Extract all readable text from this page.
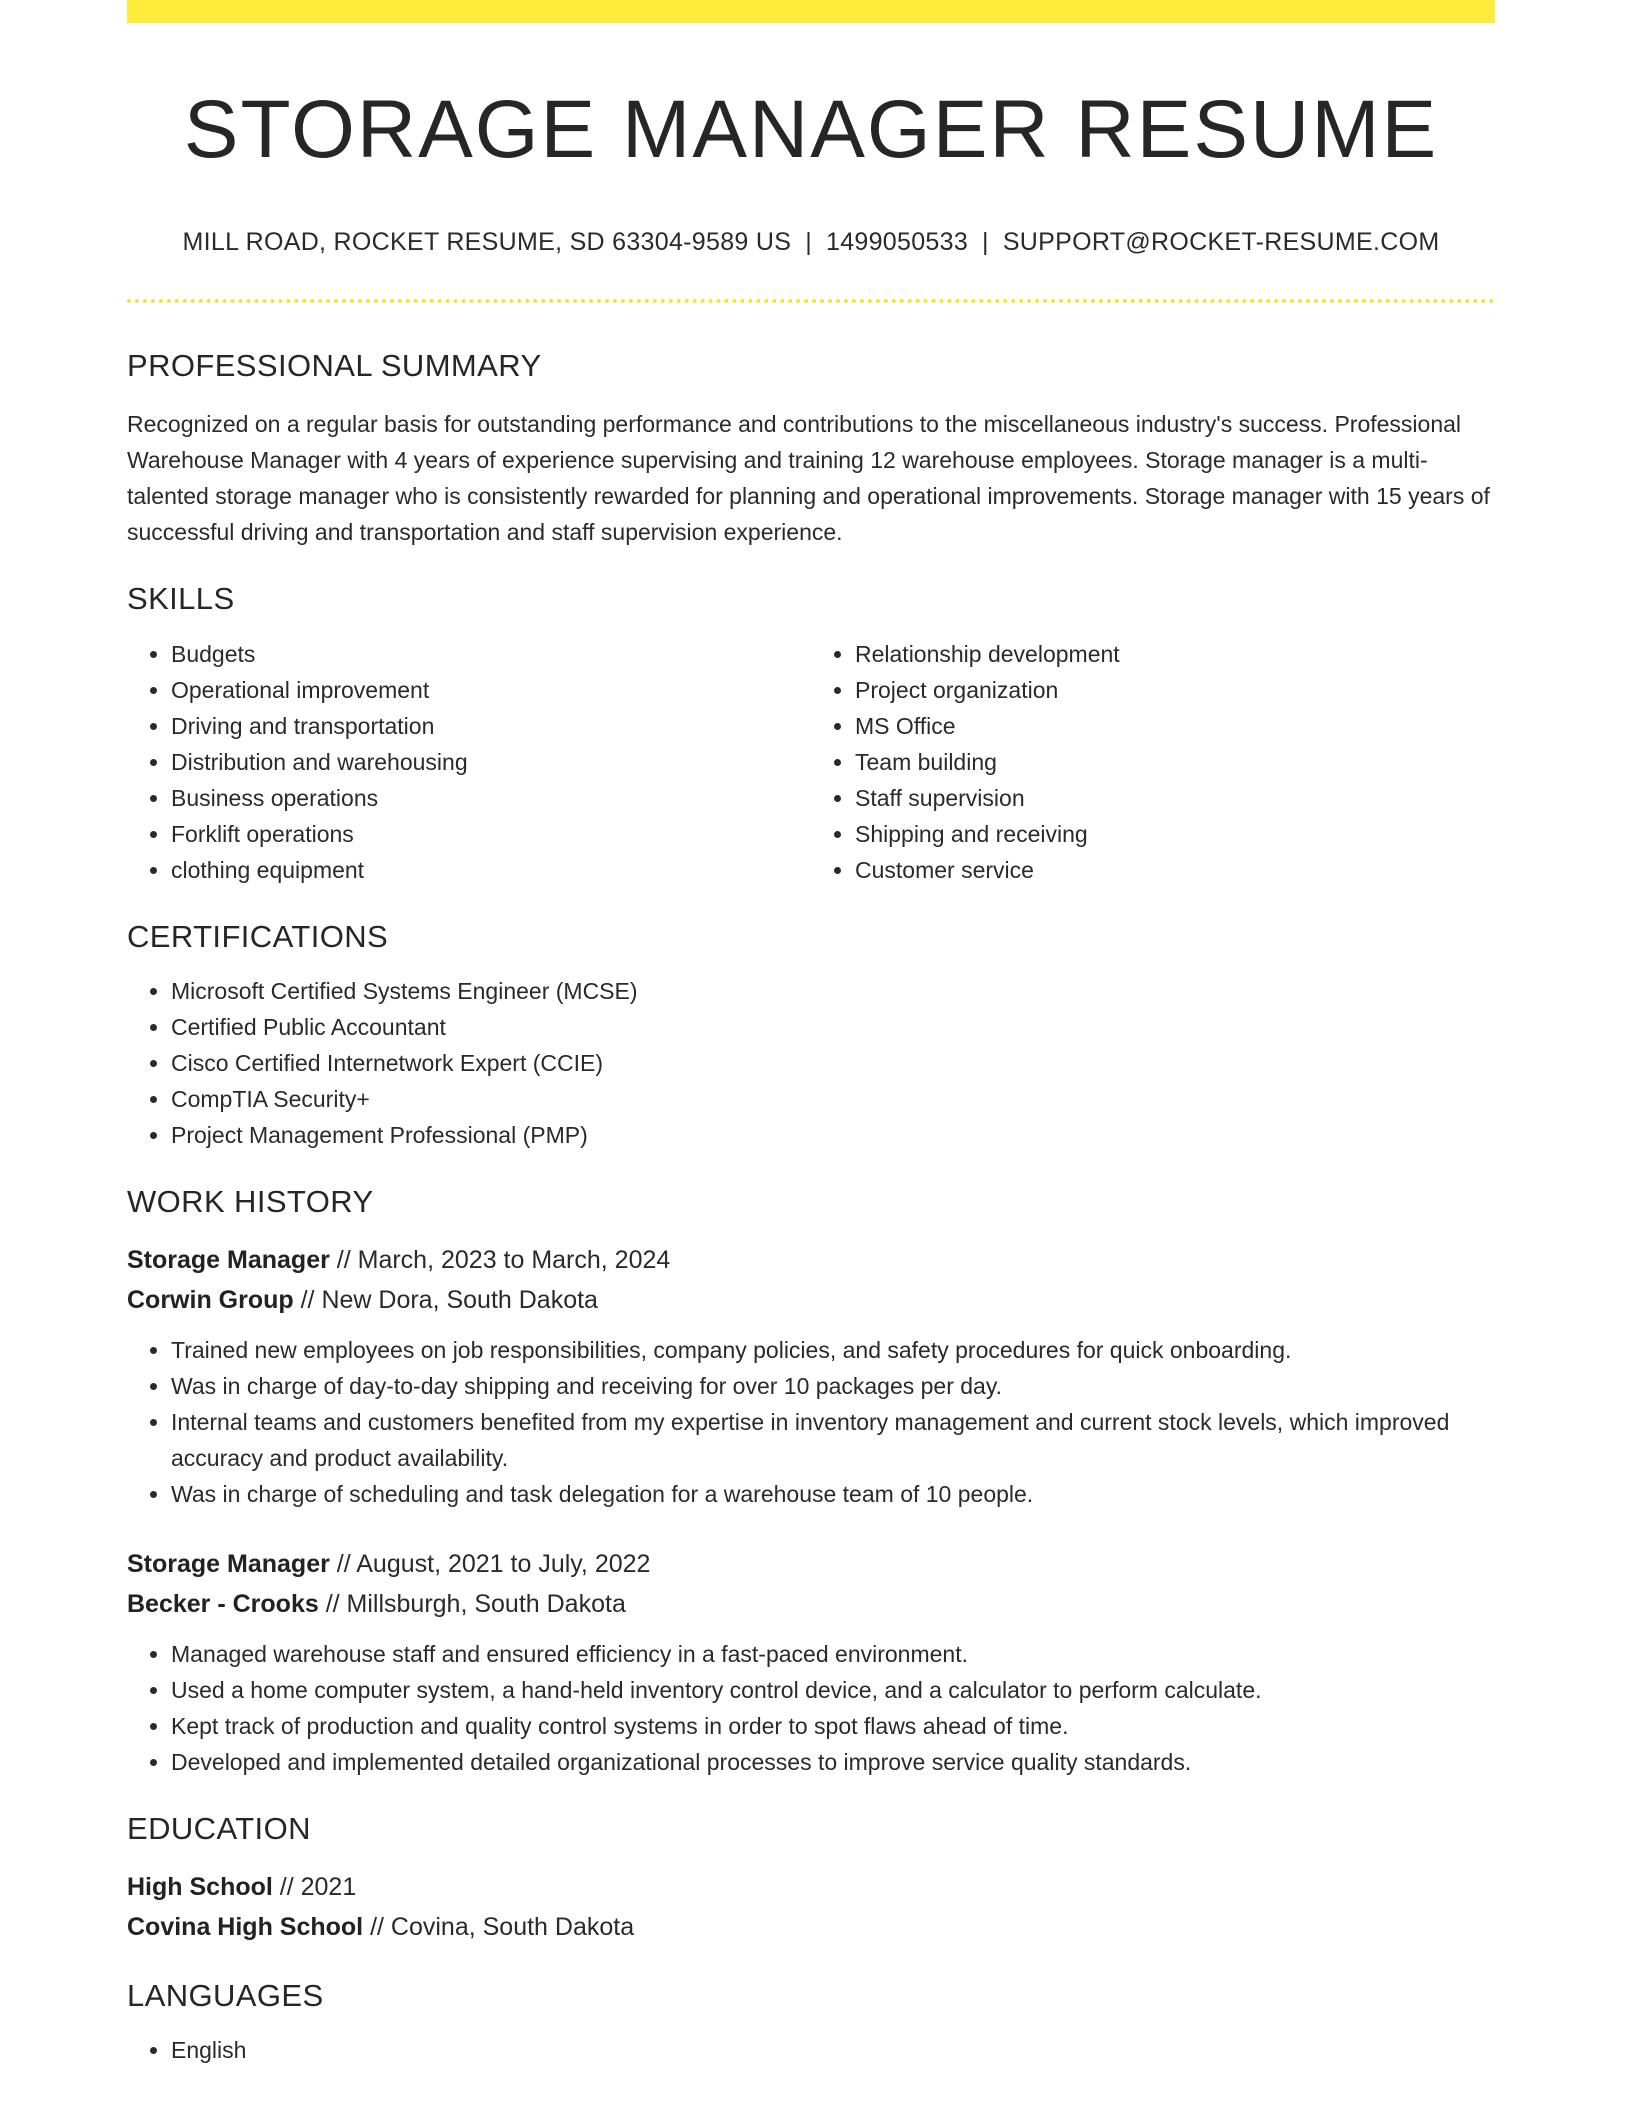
STORAGE MANAGER RESUME
MILL ROAD, ROCKET RESUME, SD 63304-9589 US | 1499050533 | SUPPORT@ROCKET-RESUME.COM
PROFESSIONAL SUMMARY
Recognized on a regular basis for outstanding performance and contributions to the miscellaneous industry's success. Professional Warehouse Manager with 4 years of experience supervising and training 12 warehouse employees. Storage manager is a multi-talented storage manager who is consistently rewarded for planning and operational improvements. Storage manager with 15 years of successful driving and transportation and staff supervision experience.
SKILLS
• Budgets
• Operational improvement
• Driving and transportation
• Distribution and warehousing
• Business operations
• Forklift operations
• clothing equipment
• Relationship development
• Project organization
• MS Office
• Team building
• Staff supervision
• Shipping and receiving
• Customer service
CERTIFICATIONS
• Microsoft Certified Systems Engineer (MCSE)
• Certified Public Accountant
• Cisco Certified Internetwork Expert (CCIE)
• CompTIA Security+
• Project Management Professional (PMP)
WORK HISTORY
Storage Manager // March, 2023 to March, 2024
Corwin Group // New Dora, South Dakota
• Trained new employees on job responsibilities, company policies, and safety procedures for quick onboarding.
• Was in charge of day-to-day shipping and receiving for over 10 packages per day.
• Internal teams and customers benefited from my expertise in inventory management and current stock levels, which improved accuracy and product availability.
• Was in charge of scheduling and task delegation for a warehouse team of 10 people.
Storage Manager // August, 2021 to July, 2022
Becker - Crooks // Millsburgh, South Dakota
• Managed warehouse staff and ensured efficiency in a fast-paced environment.
• Used a home computer system, a hand-held inventory control device, and a calculator to perform calculate.
• Kept track of production and quality control systems in order to spot flaws ahead of time.
• Developed and implemented detailed organizational processes to improve service quality standards.
EDUCATION
High School // 2021
Covina High School // Covina, South Dakota
LANGUAGES
• English
